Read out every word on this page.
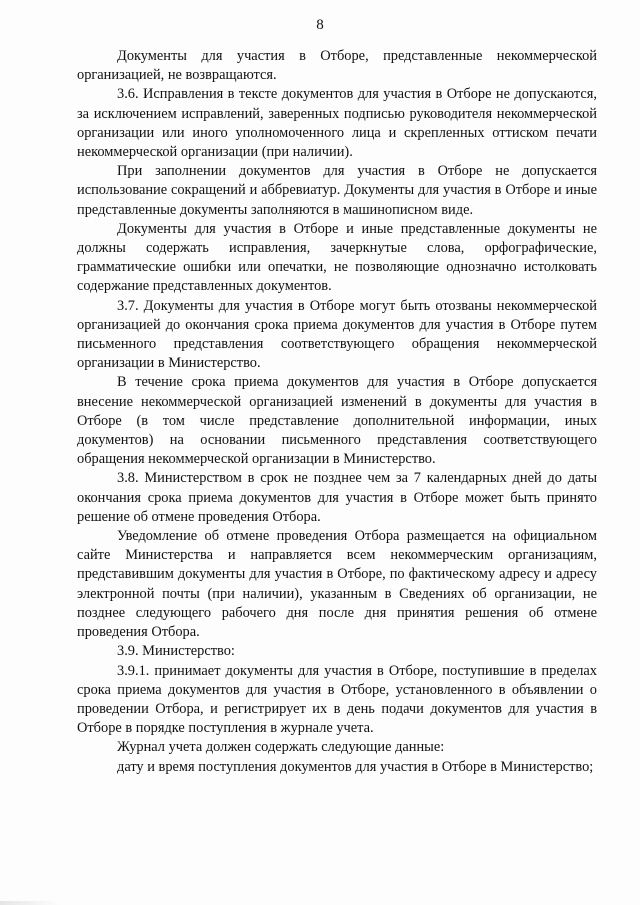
8

Документы для участия в Отборе, представленные некоммерческой организацией, не возвращаются.

3.6. Исправления в тексте документов для участия в Отборе не допускаются, за исключением исправлений, заверенных подписью руководителя некоммерческой организации или иного уполномоченного лица и скрепленных оттиском печати некоммерческой организации (при наличии).

При заполнении документов для участия в Отборе не допускается использование сокращений и аббревиатур. Документы для участия в Отборе и иные представленные документы заполняются в машинописном виде.

Документы для участия в Отборе и иные представленные документы не должны содержать исправления, зачеркнутые слова, орфографические, грамматические ошибки или опечатки, не позволяющие однозначно истолковать содержание представленных документов.

3.7. Документы для участия в Отборе могут быть отозваны некоммерческой организацией до окончания срока приема документов для участия в Отборе путем письменного представления соответствующего обращения некоммерческой организации в Министерство.

В течение срока приема документов для участия в Отборе допускается внесение некоммерческой организацией изменений в документы для участия в Отборе (в том числе представление дополнительной информации, иных документов) на основании письменного представления соответствующего обращения некоммерческой организации в Министерство.

3.8. Министерством в срок не позднее чем за 7 календарных дней до даты окончания срока приема документов для участия в Отборе может быть принято решение об отмене проведения Отбора.

Уведомление об отмене проведения Отбора размещается на официальном сайте Министерства и направляется всем некоммерческим организациям, представившим документы для участия в Отборе, по фактическому адресу и адресу электронной почты (при наличии), указанным в Сведениях об организации, не позднее следующего рабочего дня после дня принятия решения об отмене проведения Отбора.

3.9. Министерство:

3.9.1. принимает документы для участия в Отборе, поступившие в пределах срока приема документов для участия в Отборе, установленного в объявлении о проведении Отбора, и регистрирует их в день подачи документов для участия в Отборе в порядке поступления в журнале учета.

Журнал учета должен содержать следующие данные:

дату и время поступления документов для участия в Отборе в Министерство;
